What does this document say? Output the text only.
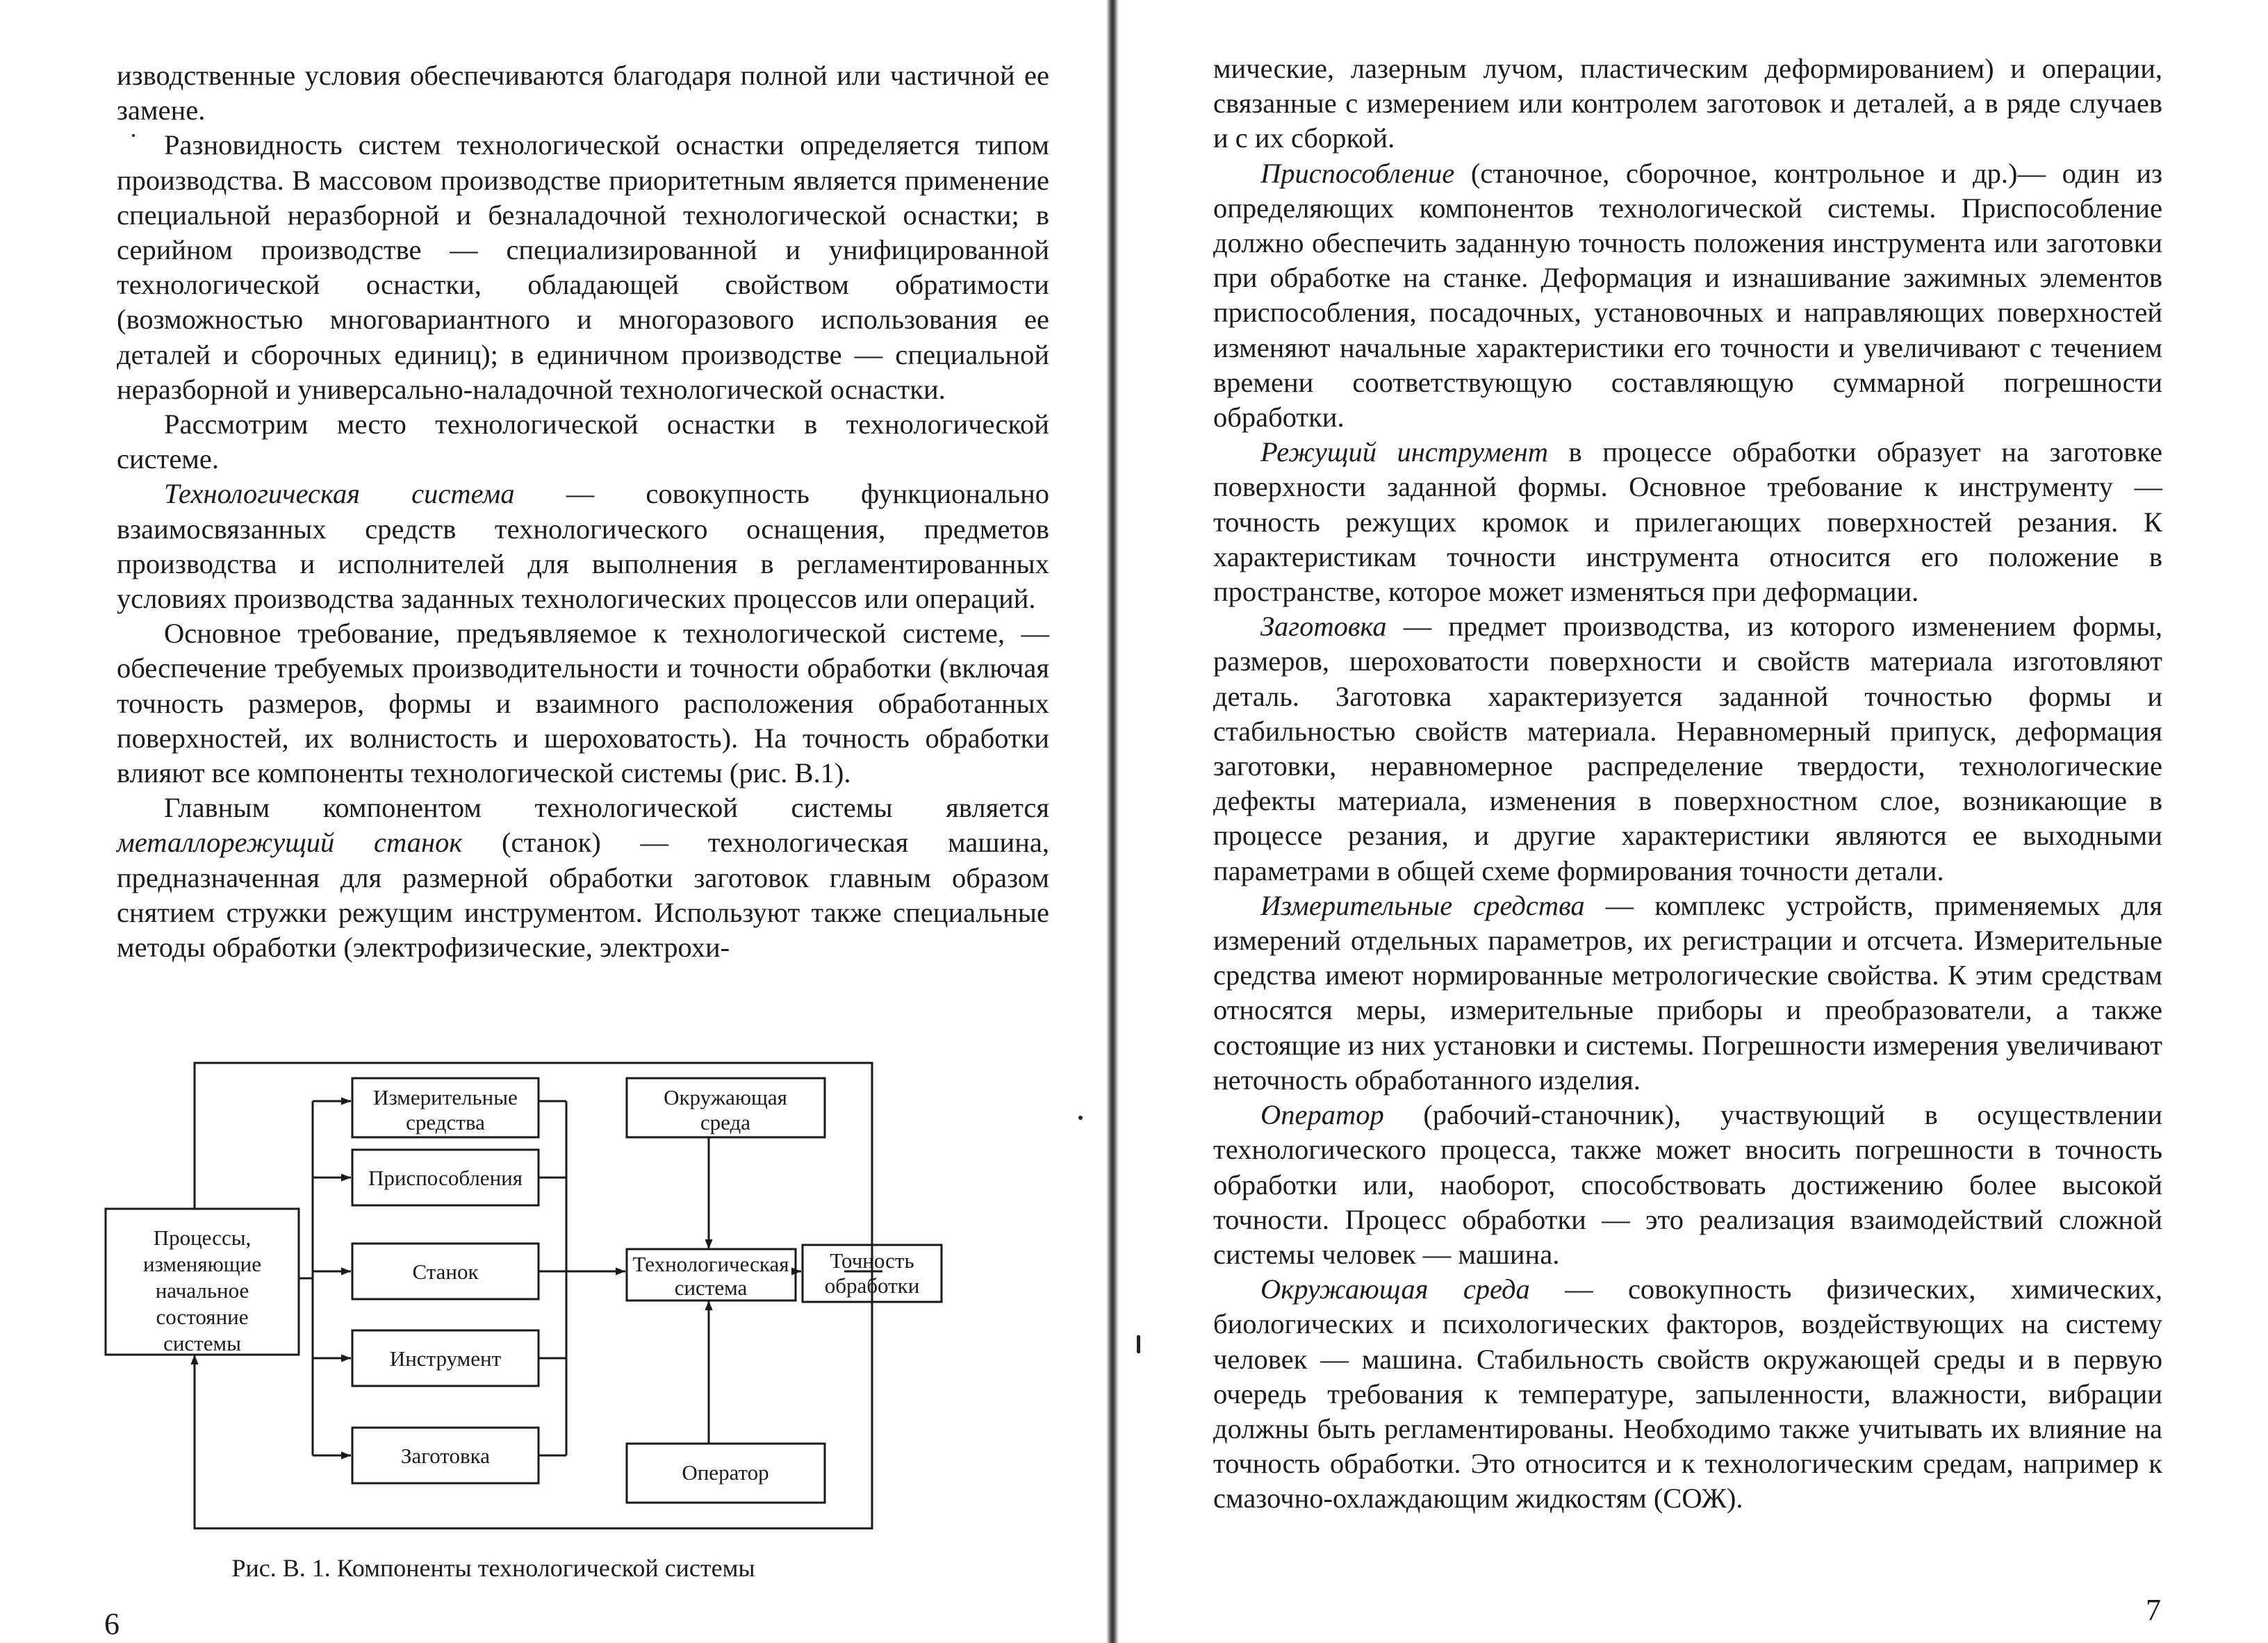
изводственные условия обеспечиваются благодаря полной или частичной ее замене.

Разновидность систем технологической оснастки определяется типом производства. В массовом производстве приоритетным является применение специальной неразборной и безналадочной технологической оснастки; в серийном производстве — специализированной и унифицированной технологической оснастки, обладающей свойством обратимости (возможностью многовариантного и многоразового использования ее деталей и сборочных единиц); в единичном производстве — специальной неразборной и универсально-наладочной технологической оснастки.

Рассмотрим место технологической оснастки в технологической системе.

Технологическая система — совокупность функционально взаимосвязанных средств технологического оснащения, предметов производства и исполнителей для выполнения в регламентированных условиях производства заданных технологических процессов или операций.

Основное требование, предъявляемое к технологической системе, — обеспечение требуемых производительности и точности обработки (включая точность размеров, формы и взаимного расположения обработанных поверхностей, их волнистость и шероховатость). На точность обработки влияют все компоненты технологической системы (рис. В.1).

Главным компонентом технологической системы является металлорежущий станок (станок) — технологическая машина, предназначенная для размерной обработки заготовок главным образом снятием стружки режущим инструментом. Используют также специальные методы обработки (электрофизические, электрохи-

Процессы,
изменяющие
начальное
состояние
системы
Измерительные
средства
Приспособления
Станок
Инструмент
Заготовка
Окружающая
среда
Технологическая
система
Оператор
Точность
обработки
Рис. В. 1. Компоненты технологической системы
6

мические, лазерным лучом, пластическим деформированием) и операции, связанные с измерением или контролем заготовок и деталей, а в ряде случаев и с их сборкой.

Приспособление (станочное, сборочное, контрольное и др.)— один из определяющих компонентов технологической системы. Приспособление должно обеспечить заданную точность положения инструмента или заготовки при обработке на станке. Деформация и изнашивание зажимных элементов приспособления, посадочных, установочных и направляющих поверхностей изменяют начальные характеристики его точности и увеличивают с течением времени соответствующую составляющую суммарной погрешности обработки.

Режущий инструмент в процессе обработки образует на заготовке поверхности заданной формы. Основное требование к инструменту — точность режущих кромок и прилегающих поверхностей резания. К характеристикам точности инструмента относится его положение в пространстве, которое может изменяться при деформации.

Заготовка — предмет производства, из которого изменением формы, размеров, шероховатости поверхности и свойств материала изготовляют деталь. Заготовка характеризуется заданной точностью формы и стабильностью свойств материала. Неравномерный припуск, деформация заготовки, неравномерное распределение твердости, технологические дефекты материала, изменения в поверхностном слое, возникающие в процессе резания, и другие характеристики являются ее выходными параметрами в общей схеме формирования точности детали.

Измерительные средства — комплекс устройств, применяемых для измерений отдельных параметров, их регистрации и отсчета. Измерительные средства имеют нормированные метрологические свойства. К этим средствам относятся меры, измерительные приборы и преобразователи, а также состоящие из них установки и системы. Погрешности измерения увеличивают неточность обработанного изделия.

Оператор (рабочий-станочник), участвующий в осуществлении технологического процесса, также может вносить погрешности в точность обработки или, наоборот, способствовать достижению более высокой точности. Процесс обработки — это реализация взаимодействий сложной системы человек — машина.

Окружающая среда — совокупность физических, химических, биологических и психологических факторов, воздействующих на систему человек — машина. Стабильность свойств окружающей среды и в первую очередь требования к температуре, запыленности, влажности, вибрации должны быть регламентированы. Необходимо также учитывать их влияние на точность обработки. Это относится и к технологическим средам, например к смазочно-охлаждающим жидкостям (СОЖ).

7
